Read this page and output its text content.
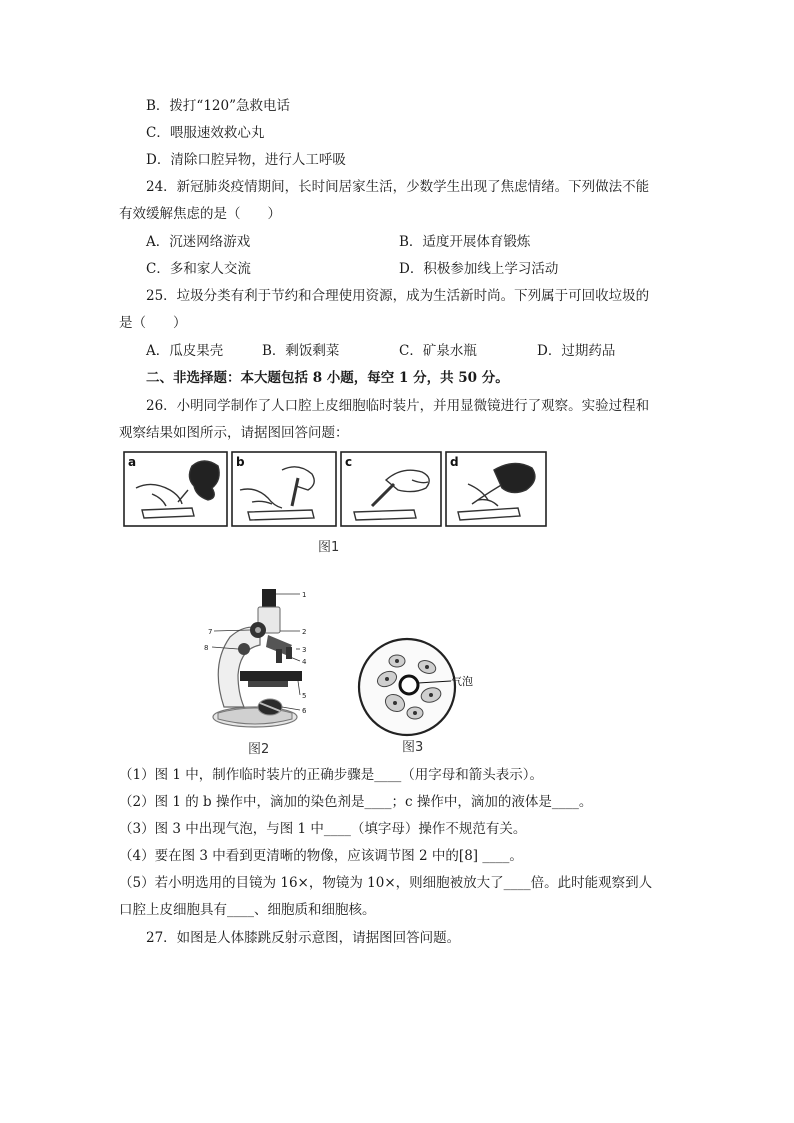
B．拨打“120”急救电话
C．喂服速效救心丸
D．清除口腔异物，进行人工呼吸
24．新冠肺炎疫情期间，长时间居家生活，少数学生出现了焦虑情绪。下列做法不能
有效缓解焦虑的是（　　）
A．沉迷网络游戏	B．适度开展体育锻炼
C．多和家人交流	D．积极参加线上学习活动
25．垃圾分类有利于节约和合理使用资源，成为生活新时尚。下列属于可回收垃圾的
是（　　）
A．瓜皮果壳	B．剩饭剩菜	C．矿泉水瓶	D．过期药品
二、非选择题：本大题包括 8 小题，每空 1 分，共 50 分。
26．小明同学制作了人口腔上皮细胞临时装片，并用显微镜进行了观察。实验过程和
观察结果如图所示，请据图回答问题：
a	b	c	d
图1
1
2
3
4
5
6
7
8
图2
气泡
图3
（1）图 1 中，制作临时装片的正确步骤是____（用字母和箭头表示）。
（2）图 1 的 b 操作中，滴加的染色剂是____；c 操作中，滴加的液体是____。
（3）图 3 中出现气泡，与图 1 中____（填字母）操作不规范有关。
（4）要在图 3 中看到更清晰的物像，应该调节图 2 中的[8] ____。
（5）若小明选用的目镜为 16×，物镜为 10×，则细胞被放大了____倍。此时能观察到人
口腔上皮细胞具有____、细胞质和细胞核。
27．如图是人体膝跳反射示意图，请据图回答问题。
